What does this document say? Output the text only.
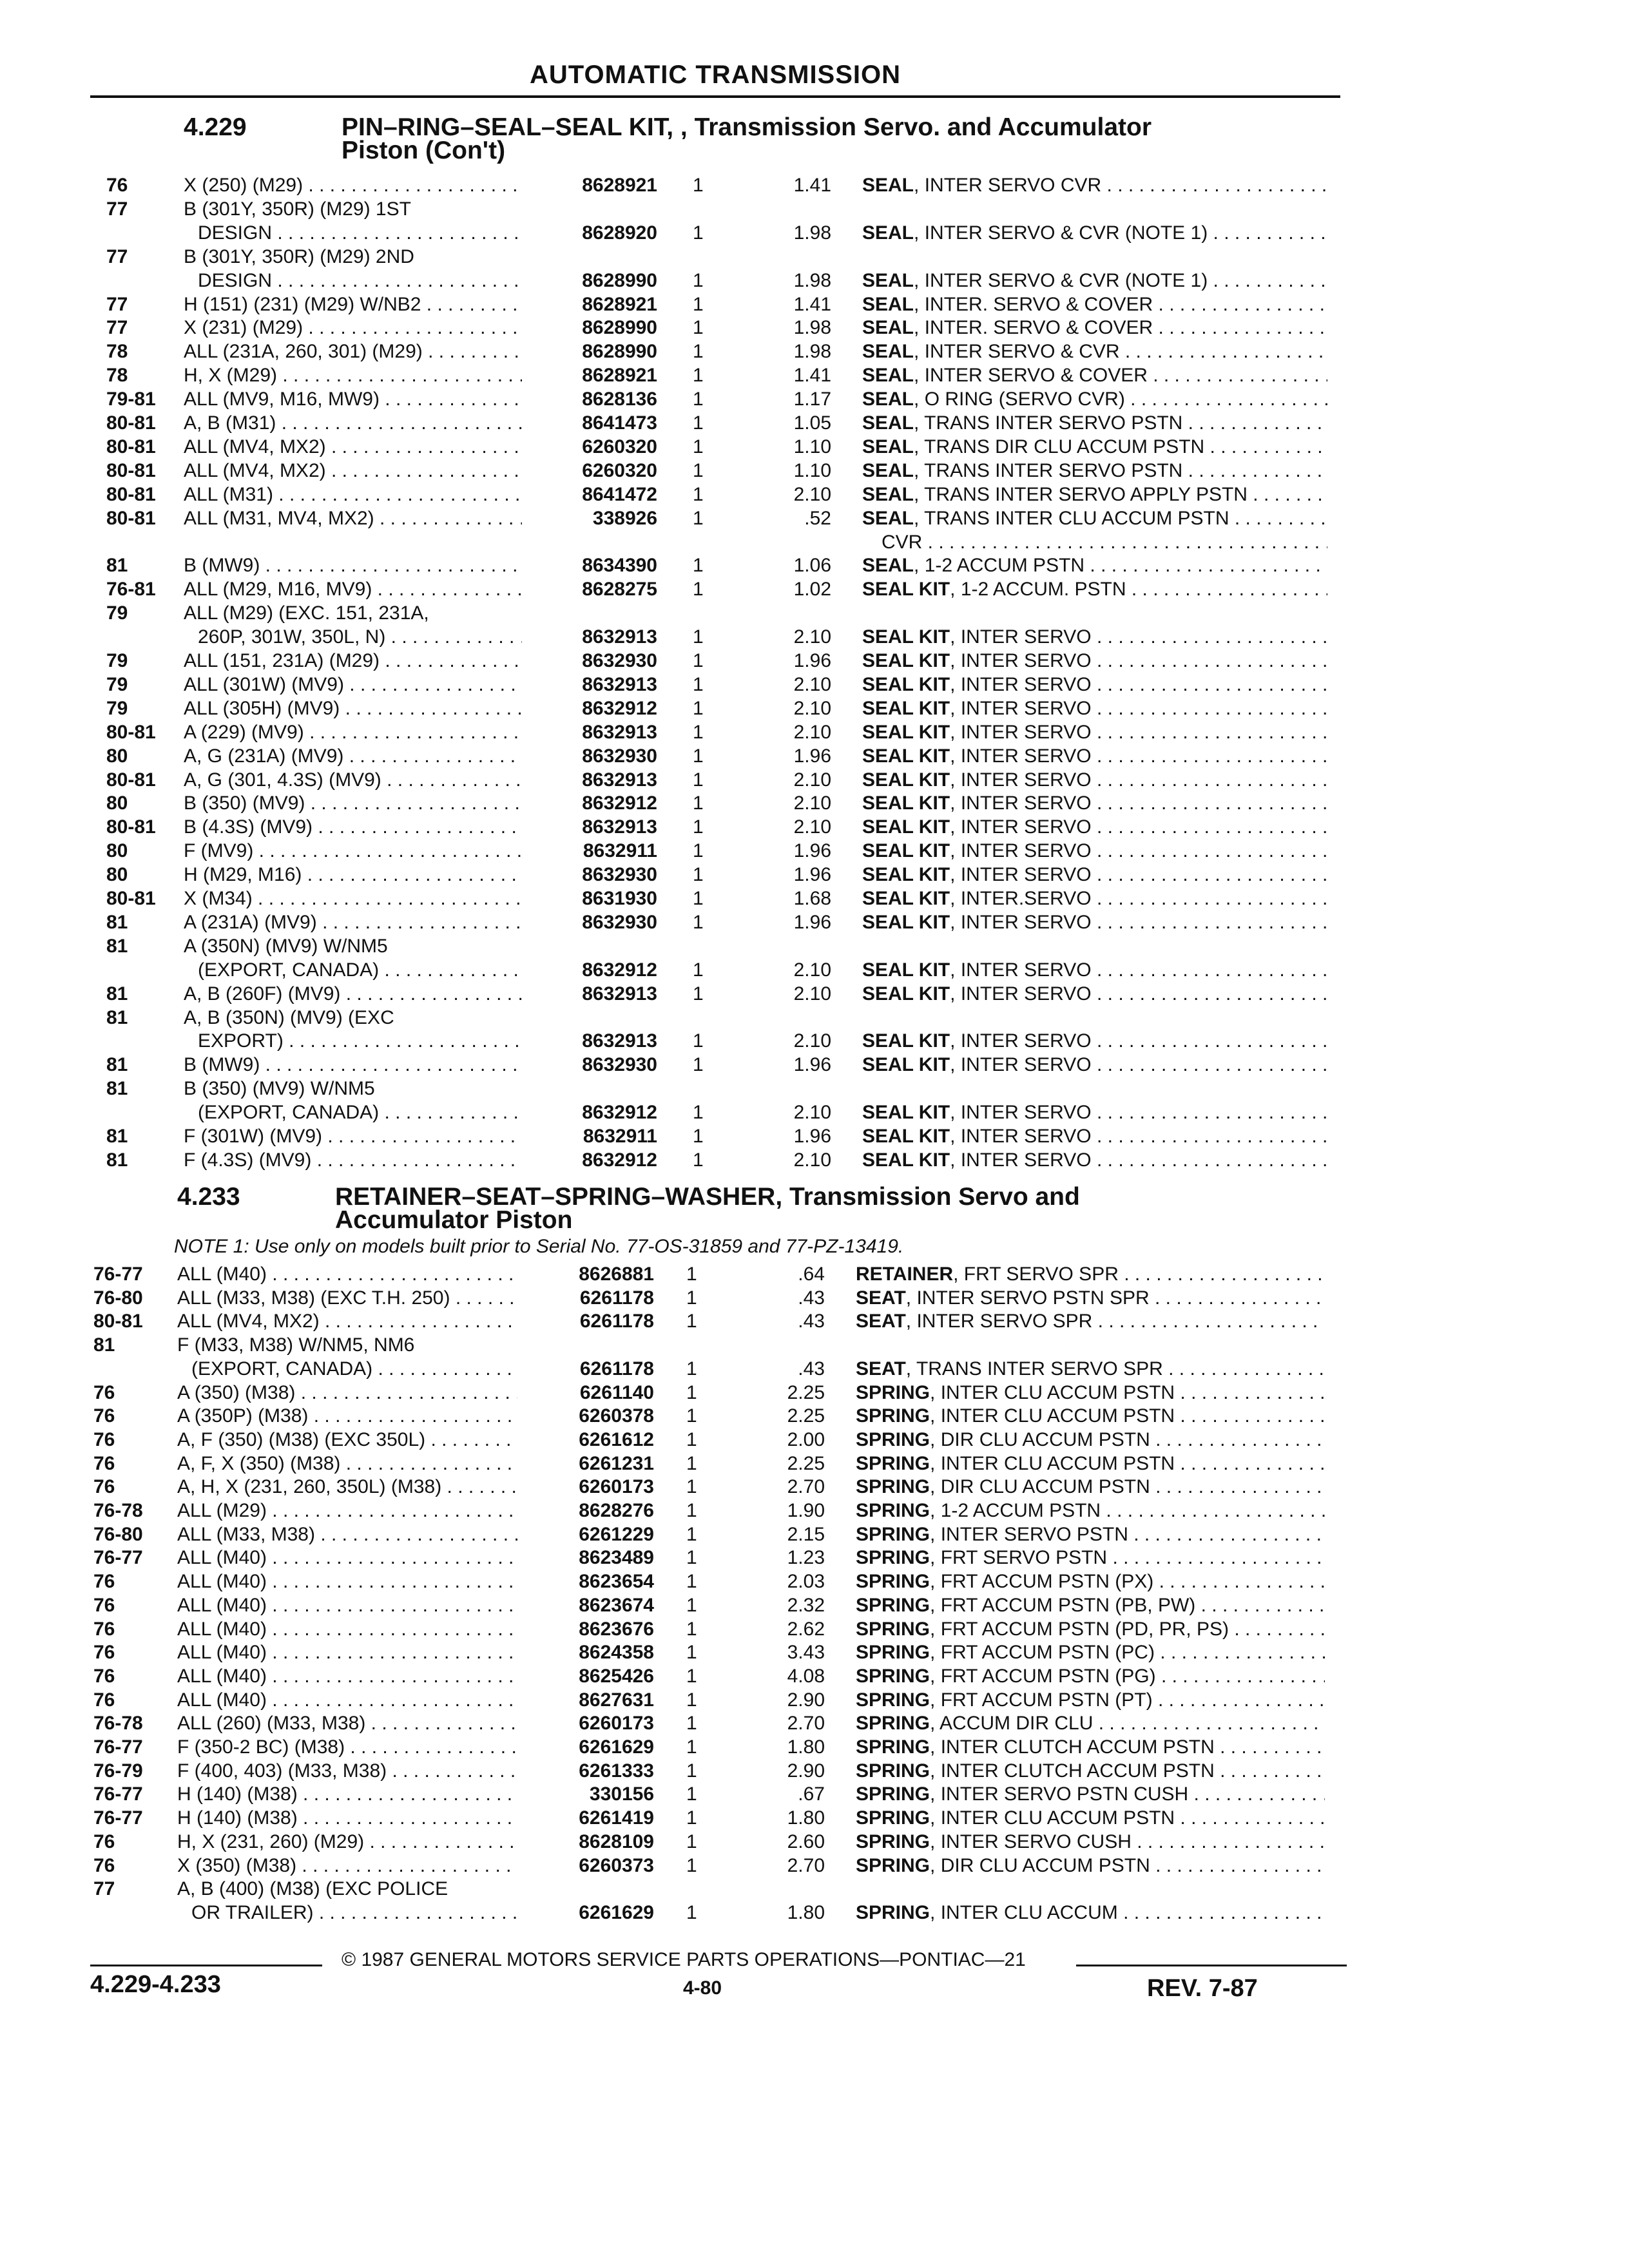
AUTOMATIC TRANSMISSION
4.229	PIN–RING–SEAL–SEAL KIT, , Transmission Servo. and Accumulator
Piston (Con't)
76	X (250) (M29) . . .	8628921 1	1.41 SEAL, INTER SERVO CVR . . .
77	B (301Y, 350R) (M29) 1ST
DESIGN . . .	8628920 1	1.98 SEAL, INTER SERVO & CVR (NOTE 1) . . .
77	B (301Y, 350R) (M29) 2ND
DESIGN . . .	8628990 1	1.98 SEAL, INTER SERVO & CVR (NOTE 1) . . .
77	H (151) (231) (M29) W/NB2 . . .	8628921 1	1.41 SEAL, INTER. SERVO & COVER . . .
77	X (231) (M29) . . .	8628990 1	1.98 SEAL, INTER. SERVO & COVER . . .
78	ALL (231A, 260, 301) (M29) . . .	8628990 1	1.98 SEAL, INTER SERVO & CVR . . .
78	H, X (M29) . . .	8628921 1	1.41 SEAL, INTER SERVO & COVER . . .
79-81 ALL (MV9, M16, MW9) . . .	8628136 1	1.17 SEAL, O RING (SERVO CVR) . . .
80-81 A, B (M31) . . .	8641473 1	1.05 SEAL, TRANS INTER SERVO PSTN . . .
80-81 ALL (MV4, MX2) . . .	6260320 1	1.10 SEAL, TRANS DIR CLU ACCUM PSTN . . .
80-81 ALL (MV4, MX2) . . .	6260320 1	1.10 SEAL, TRANS INTER SERVO PSTN . . .
80-81 ALL (M31) . . .	8641472 1	2.10 SEAL, TRANS INTER SERVO APPLY PSTN . . .
80-81 ALL (M31, MV4, MX2) . . .	338926 1	.52 SEAL, TRANS INTER CLU ACCUM PSTN . . .
CVR . . .
81	B (MW9) . . .	8634390 1	1.06 SEAL, 1-2 ACCUM PSTN . . .
76-81 ALL (M29, M16, MV9) . . .	8628275 1	1.02 SEAL KIT, 1-2 ACCUM. PSTN . . .
79	ALL (M29) (EXC. 151, 231A,
260P, 301W, 350L, N) . . .	8632913 1	2.10 SEAL KIT, INTER SERVO . . .
79	ALL (151, 231A) (M29) . . .	8632930 1	1.96 SEAL KIT, INTER SERVO . . .
79	ALL (301W) (MV9) . . .	8632913 1	2.10 SEAL KIT, INTER SERVO . . .
79	ALL (305H) (MV9) . . .	8632912 1	2.10 SEAL KIT, INTER SERVO . . .
80-81 A (229) (MV9) . . .	8632913 1	2.10 SEAL KIT, INTER SERVO . . .
80	A, G (231A) (MV9) . . .	8632930 1	1.96 SEAL KIT, INTER SERVO . . .
80-81 A, G (301, 4.3S) (MV9) . . .	8632913 1	2.10 SEAL KIT, INTER SERVO . . .
80	B (350) (MV9) . . .	8632912 1	2.10 SEAL KIT, INTER SERVO . . .
80-81 B (4.3S) (MV9) . . .	8632913 1	2.10 SEAL KIT, INTER SERVO . . .
80	F (MV9) . . .	8632911 1	1.96 SEAL KIT, INTER SERVO . . .
80	H (M29, M16) . . .	8632930 1	1.96 SEAL KIT, INTER SERVO . . .
80-81 X (M34) . . .	8631930 1	1.68 SEAL KIT, INTER.SERVO . . .
81	A (231A) (MV9) . . .	8632930 1	1.96 SEAL KIT, INTER SERVO . . .
81	A (350N) (MV9) W/NM5
(EXPORT, CANADA) . . .	8632912 1	2.10 SEAL KIT, INTER SERVO . . .
81	A, B (260F) (MV9) . . .	8632913 1	2.10 SEAL KIT, INTER SERVO . . .
81	A, B (350N) (MV9) (EXC
EXPORT) . . .	8632913 1	2.10 SEAL KIT, INTER SERVO . . .
81	B (MW9) . . .	8632930 1	1.96 SEAL KIT, INTER SERVO . . .
81	B (350) (MV9) W/NM5
(EXPORT, CANADA) . . .	8632912 1	2.10 SEAL KIT, INTER SERVO . . .
81	F (301W) (MV9) . . .	8632911 1	1.96 SEAL KIT, INTER SERVO . . .
81	F (4.3S) (MV9) . . .	8632912 1	2.10 SEAL KIT, INTER SERVO . . .
4.233	RETAINER–SEAT–SPRING–WASHER, Transmission Servo and
Accumulator Piston
NOTE 1: Use only on models built prior to Serial No. 77-OS-31859 and 77-PZ-13419.
76-77 ALL (M40) . . .	8626881 1	.64 RETAINER, FRT SERVO SPR . . .
76-80 ALL (M33, M38) (EXC T.H. 250) . . .	6261178 1	.43 SEAT, INTER SERVO PSTN SPR . . .
80-81 ALL (MV4, MX2) . . .	6261178 1	.43 SEAT, INTER SERVO SPR . . .
81	F (M33, M38) W/NM5, NM6
(EXPORT, CANADA) . . .	6261178 1	.43 SEAT, TRANS INTER SERVO SPR . . .
76	A (350) (M38) . . .	6261140 1	2.25 SPRING, INTER CLU ACCUM PSTN . . .
76	A (350P) (M38) . . .	6260378 1	2.25 SPRING, INTER CLU ACCUM PSTN . . .
76	A, F (350) (M38) (EXC 350L) . . .	6261612 1	2.00 SPRING, DIR CLU ACCUM PSTN . . .
76	A, F, X (350) (M38) . . .	6261231 1	2.25 SPRING, INTER CLU ACCUM PSTN . . .
76	A, H, X (231, 260, 350L) (M38) . . .	6260173 1	2.70 SPRING, DIR CLU ACCUM PSTN . . .
76-78 ALL (M29) . . .	8628276 1	1.90 SPRING, 1-2 ACCUM PSTN . . .
76-80 ALL (M33, M38) . . .	6261229 1	2.15 SPRING, INTER SERVO PSTN . . .
76-77 ALL (M40) . . .	8623489 1	1.23 SPRING, FRT SERVO PSTN . . .
76	ALL (M40) . . .	8623654 1	2.03 SPRING, FRT ACCUM PSTN (PX) . . .
76	ALL (M40) . . .	8623674 1	2.32 SPRING, FRT ACCUM PSTN (PB, PW) . . .
76	ALL (M40) . . .	8623676 1	2.62 SPRING, FRT ACCUM PSTN (PD, PR, PS) . . .
76	ALL (M40) . . .	8624358 1	3.43 SPRING, FRT ACCUM PSTN (PC) . . .
76	ALL (M40) . . .	8625426 1	4.08 SPRING, FRT ACCUM PSTN (PG) . . .
76	ALL (M40) . . .	8627631 1	2.90 SPRING, FRT ACCUM PSTN (PT) . . .
76-78 ALL (260) (M33, M38) . . .	6260173 1	2.70 SPRING, ACCUM DIR CLU . . .
76-77 F (350-2 BC) (M38) . . .	6261629 1	1.80 SPRING, INTER CLUTCH ACCUM PSTN . . .
76-79 F (400, 403) (M33, M38) . . .	6261333 1	2.90 SPRING, INTER CLUTCH ACCUM PSTN . . .
76-77 H (140) (M38) . . .	330156 1	.67 SPRING, INTER SERVO PSTN CUSH . . .
76-77 H (140) (M38) . . .	6261419 1	1.80 SPRING, INTER CLU ACCUM PSTN . . .
76	H, X (231, 260) (M29) . . .	8628109 1	2.60 SPRING, INTER SERVO CUSH . . .
76	X (350) (M38) . . .	6260373 1	2.70 SPRING, DIR CLU ACCUM PSTN . . .
77	A, B (400) (M38) (EXC POLICE
OR TRAILER) . . .	6261629 1	1.80 SPRING, INTER CLU ACCUM . . .
© 1987 GENERAL MOTORS SERVICE PARTS OPERATIONS—PONTIAC—21
4.229-4.233	4-80	REV. 7-87
